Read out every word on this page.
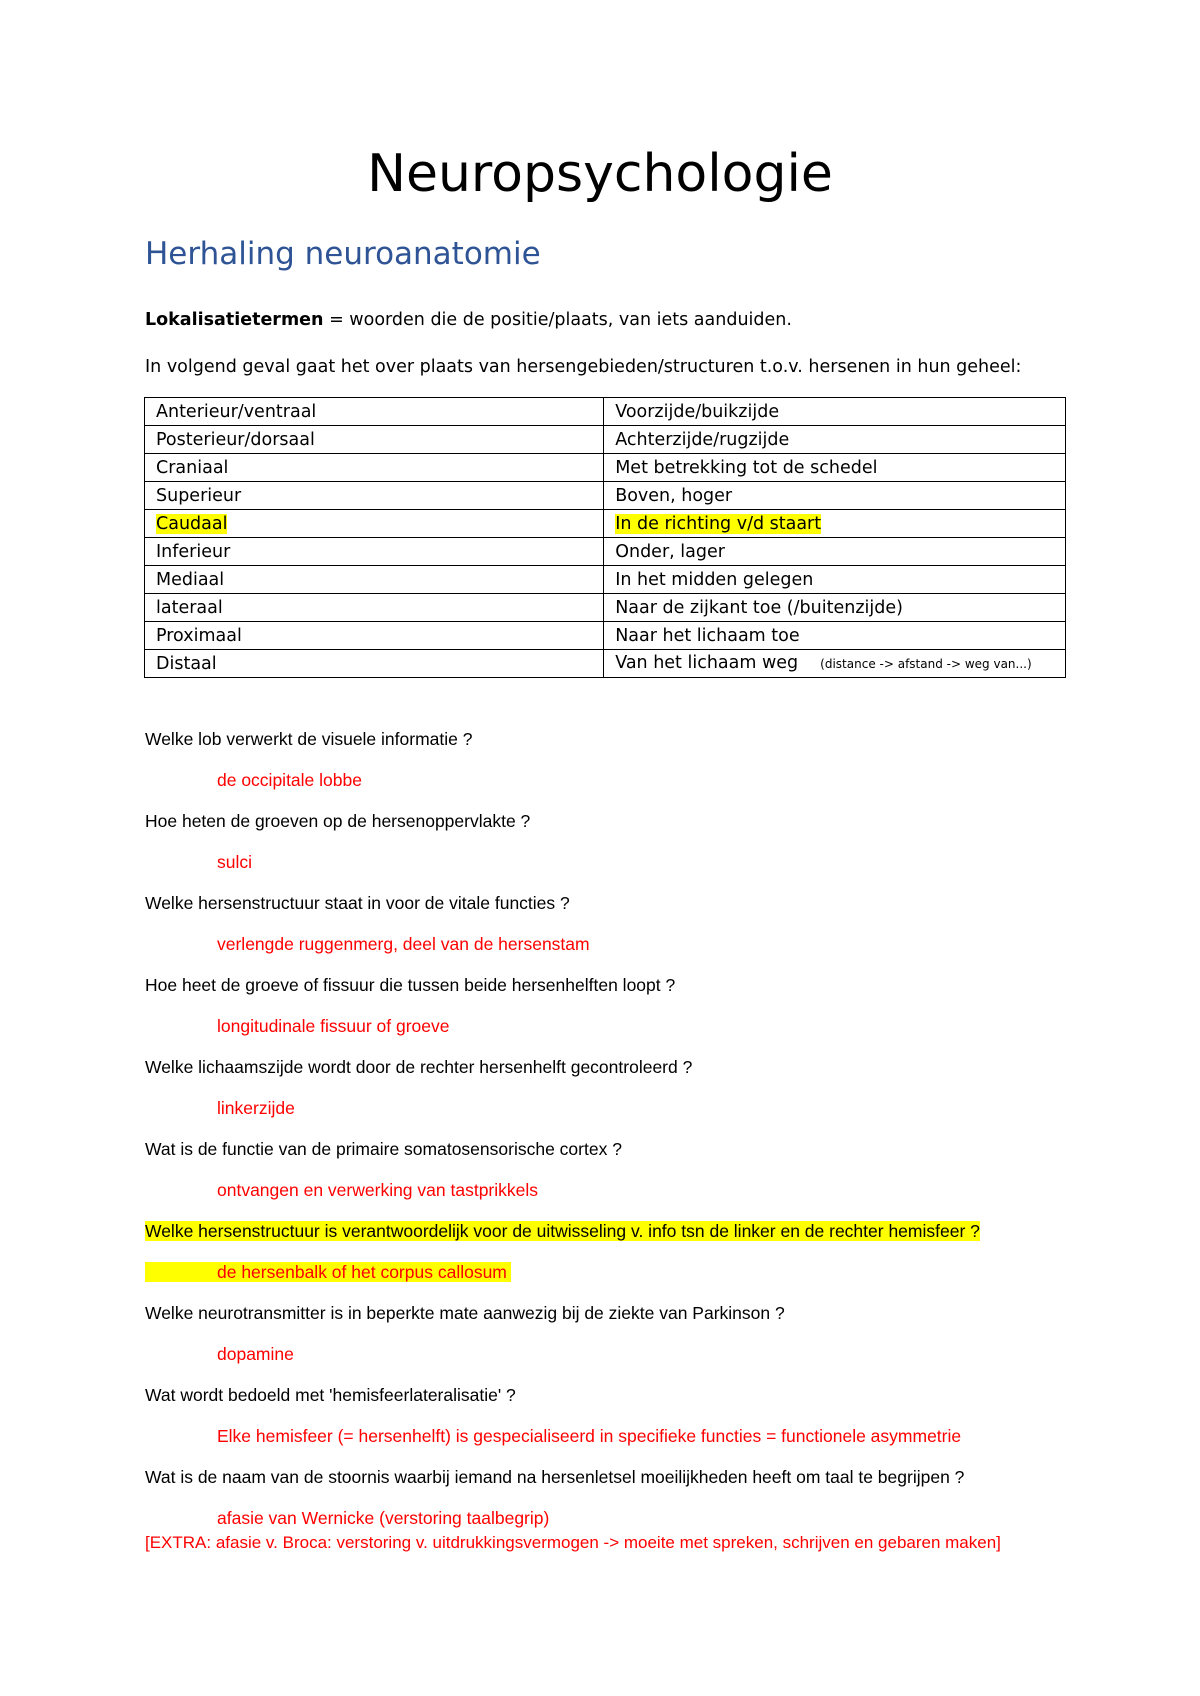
Neuropsychologie
Herhaling neuroanatomie
Lokalisatietermen = woorden die de positie/plaats, van iets aanduiden.
In volgend geval gaat het over plaats van hersengebieden/structuren t.o.v. hersenen in hun geheel:
Anterieur/ventraal	Voorzijde/buikzijde
Posterieur/dorsaal	Achterzijde/rugzijde
Craniaal	Met betrekking tot de schedel
Superieur	Boven, hoger
Caudaal	In de richting v/d staart
Inferieur	Onder, lager
Mediaal	In het midden gelegen
lateraal	Naar de zijkant toe (/buitenzijde)
Proximaal	Naar het lichaam toe
Distaal	Van het lichaam weg (distance -> afstand -> weg van...)
Welke lob verwerkt de visuele informatie ?
de occipitale lobbe
Hoe heten de groeven op de hersenoppervlakte ?
sulci
Welke hersenstructuur staat in voor de vitale functies ?
verlengde ruggenmerg, deel van de hersenstam
Hoe heet de groeve of fissuur die tussen beide hersenhelften loopt ?
longitudinale fissuur of groeve
Welke lichaamszijde wordt door de rechter hersenhelft gecontroleerd ?
linkerzijde
Wat is de functie van de primaire somatosensorische cortex ?
ontvangen en verwerking van tastprikkels
Welke hersenstructuur is verantwoordelijk voor de uitwisseling v. info tsn de linker en de rechter hemisfeer ?
de hersenbalk of het corpus callosum
Welke neurotransmitter is in beperkte mate aanwezig bij de ziekte van Parkinson ?
dopamine
Wat wordt bedoeld met 'hemisfeerlateralisatie' ?
Elke hemisfeer (= hersenhelft) is gespecialiseerd in specifieke functies = functionele asymmetrie
Wat is de naam van de stoornis waarbij iemand na hersenletsel moeilijkheden heeft om taal te begrijpen ?
afasie van Wernicke (verstoring taalbegrip)
[EXTRA: afasie v. Broca: verstoring v. uitdrukkingsvermogen -> moeite met spreken, schrijven en gebaren maken]
